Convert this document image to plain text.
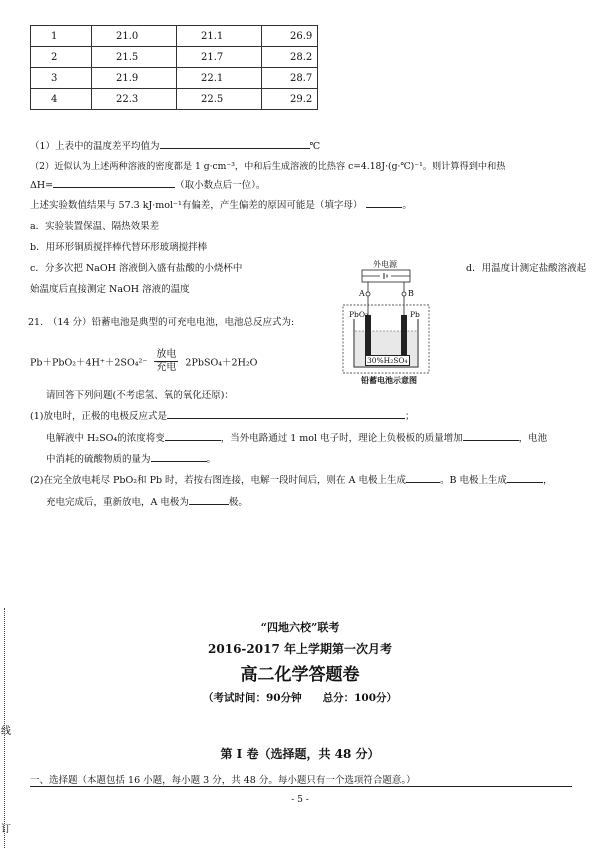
1	21.0	21.1	26.9
2	21.5	21.7	28.2
3	21.9	22.1	28.7
4	22.3	22.5	29.2
（1）上表中的温度差平均值为	℃
（2）近似认为上述两种溶液的密度都是 1 g·cm⁻³，中和后生成溶液的比热容 c=4.18J·(g·℃)⁻¹。则计算得到中和热
ΔH=	（取小数点后一位）。
上述实验数值结果与 57.3 kJ·mol⁻¹有偏差，产生偏差的原因可能是（填字母）	。
a．实验装置保温、隔热效果差
b．用环形铜质搅拌棒代替环形玻璃搅拌棒
c．分多次把 NaOH 溶液倒入盛有盐酸的小烧杯中	d．用温度计测定盐酸溶液起
始温度后直接测定 NaOH 溶液的温度
外电源
A	B
PbO₂	Pb
30%H₂SO₄
铅蓄电池示意图
21.　（14 分）铅蓄电池是典型的可充电电池，电池总反应式为:
$Pb+PbO_2+4H^++2SO_4^{2-} \frac{\text{放电}}{\text{充电}}$ 2PbSO₄＋2H₂O
请回答下列问题(不考虑氢、氧的氧化还原)：
(1)放电时，正极的电极反应式是	；
电解液中 H₂SO₄的浓度将变	，当外电路通过 1 mol 电子时，理论上负极板的质量增加	，电池
中消耗的硫酸物质的量为	。
(2)在完全放电耗尽 PbO₂和 Pb 时，若按右图连接，电解一段时间后，则在 A 电极上生成	。B 电极上生成	，
充电完成后，重新放电，A 电极为	极。
线
订
“四地六校”联考
2016-2017 年上学期第一次月考
高二化学答题卷
（考试时间：90分钟　　总分：100分）
第 I 卷（选择题，共 48 分）
一、选择题（本题包括 16 小题，每小题 3 分，共 48 分。每小题只有一个选项符合题意。）
- 5 -
